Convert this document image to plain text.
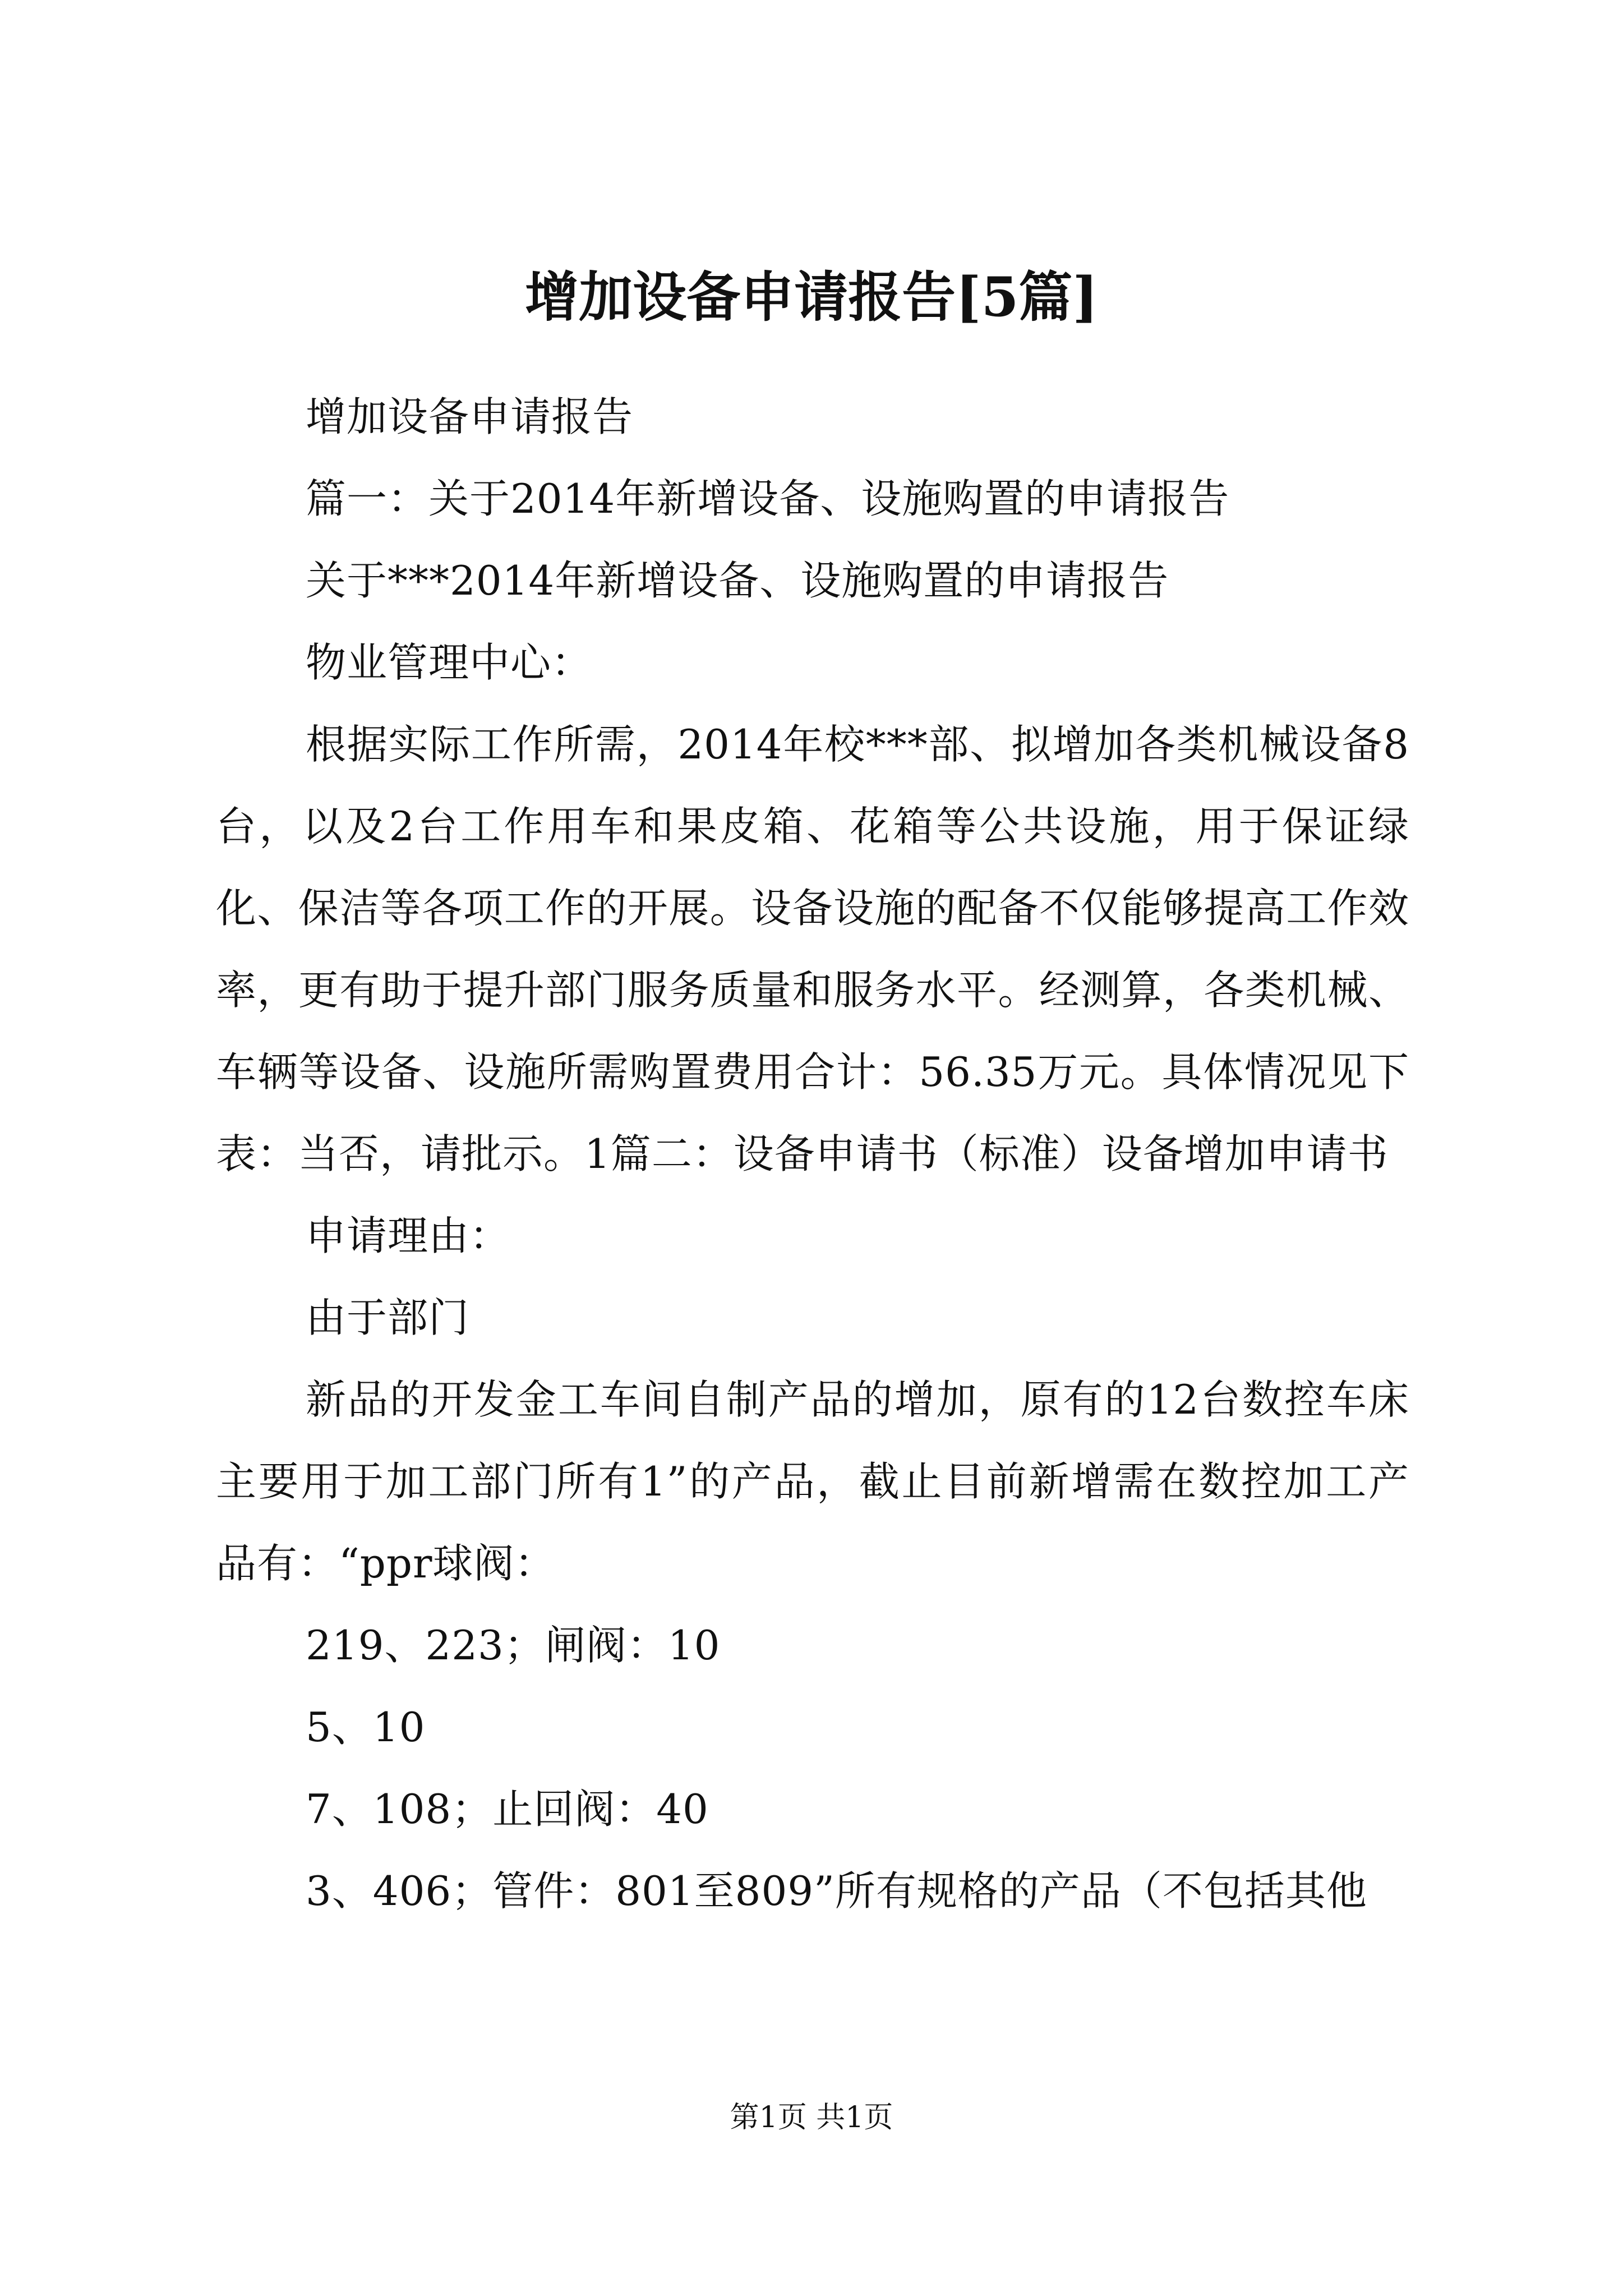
增加设备申请报告[5篇]

增加设备申请报告

篇一：关于2014年新增设备、设施购置的申请报告

关于***2014年新增设备、设施购置的申请报告

物业管理中心：

根据实际工作所需，2014年校***部、拟增加各类机械设备8台，以及2台工作用车和果皮箱、花箱等公共设施，用于保证绿化、保洁等各项工作的开展。设备设施的配备不仅能够提高工作效率，更有助于提升部门服务质量和服务水平。经测算，各类机械、车辆等设备、设施所需购置费用合计：56.35万元。具体情况见下表：当否，请批示。1篇二：设备申请书（标准）设备增加申请书

申请理由：

由于部门

新品的开发金工车间自制产品的增加，原有的12台数控车床主要用于加工部门所有1”的产品，截止目前新增需在数控加工产品有：“ppr球阀：

219、223；闸阀：10

5、10

7、108；止回阀：40

3、406；管件：801至809”所有规格的产品（不包括其他

第1页 共1页
